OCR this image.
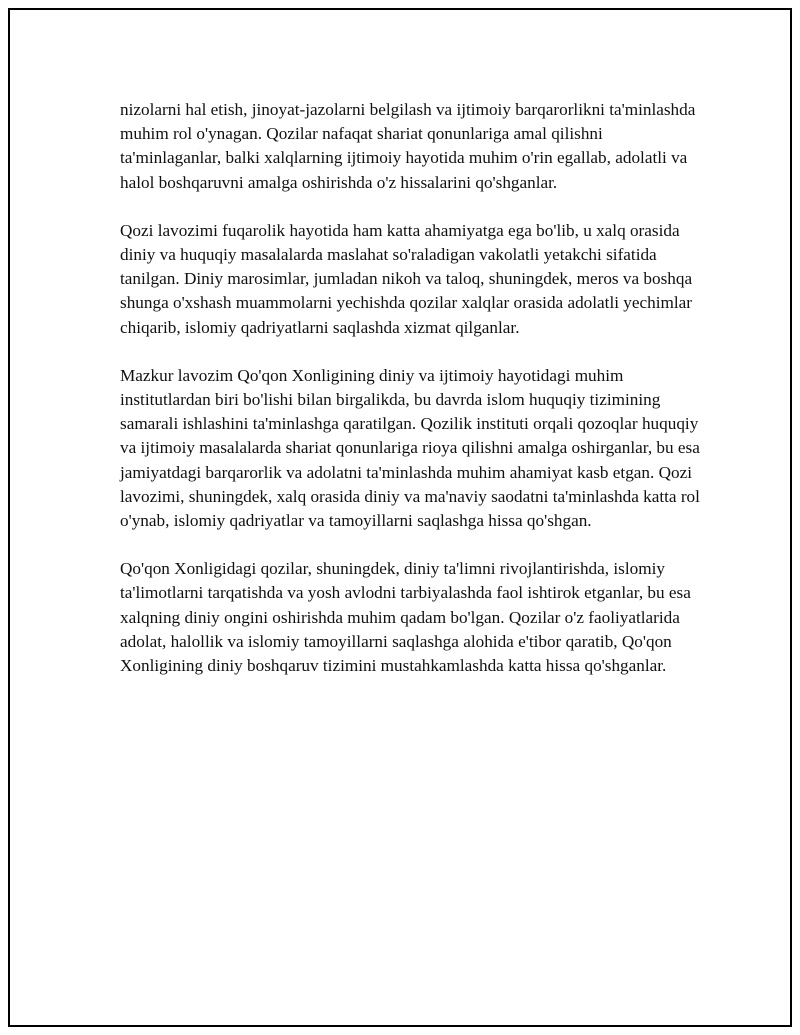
nizolarni hal etish, jinoyat-jazolarni belgilash va ijtimoiy barqarorlikni ta'minlashda muhim rol o'ynagan. Qozilar nafaqat shariat qonunlariga amal qilishni ta'minlaganlar, balki xalqlarning ijtimoiy hayotida muhim o'rin egallab, adolatli va halol boshqaruvni amalga oshirishda o'z hissalarini qo'shganlar.

Qozi lavozimi fuqarolik hayotida ham katta ahamiyatga ega bo'lib, u xalq orasida diniy va huquqiy masalalarda maslahat so'raladigan vakolatli yetakchi sifatida tanilgan. Diniy marosimlar, jumladan nikoh va taloq, shuningdek, meros va boshqa shunga o'xshash muammolarni yechishda qozilar xalqlar orasida adolatli yechimlar chiqarib, islomiy qadriyatlarni saqlashda xizmat qilganlar.

Mazkur lavozim Qo'qon Xonligining diniy va ijtimoiy hayotidagi muhim institutlardan biri bo'lishi bilan birgalikda, bu davrda islom huquqiy tizimining samarali ishlashini ta'minlashga qaratilgan. Qozilik instituti orqali qozoqlar huquqiy va ijtimoiy masalalarda shariat qonunlariga rioya qilishni amalga oshirganlar, bu esa jamiyatdagi barqarorlik va adolatni ta'minlashda muhim ahamiyat kasb etgan. Qozi lavozimi, shuningdek, xalq orasida diniy va ma'naviy saodatni ta'minlashda katta rol o'ynab, islomiy qadriyatlar va tamoyillarni saqlashga hissa qo'shgan.

Qo'qon Xonligidagi qozilar, shuningdek, diniy ta'limni rivojlantirishda, islomiy ta'limotlarni tarqatishda va yosh avlodni tarbiyalashda faol ishtirok etganlar, bu esa xalqning diniy ongini oshirishda muhim qadam bo'lgan. Qozilar o'z faoliyatlarida adolat, halollik va islomiy tamoyillarni saqlashga alohida e'tibor qaratib, Qo'qon Xonligining diniy boshqaruv tizimini mustahkamlashda katta hissa qo'shganlar.
